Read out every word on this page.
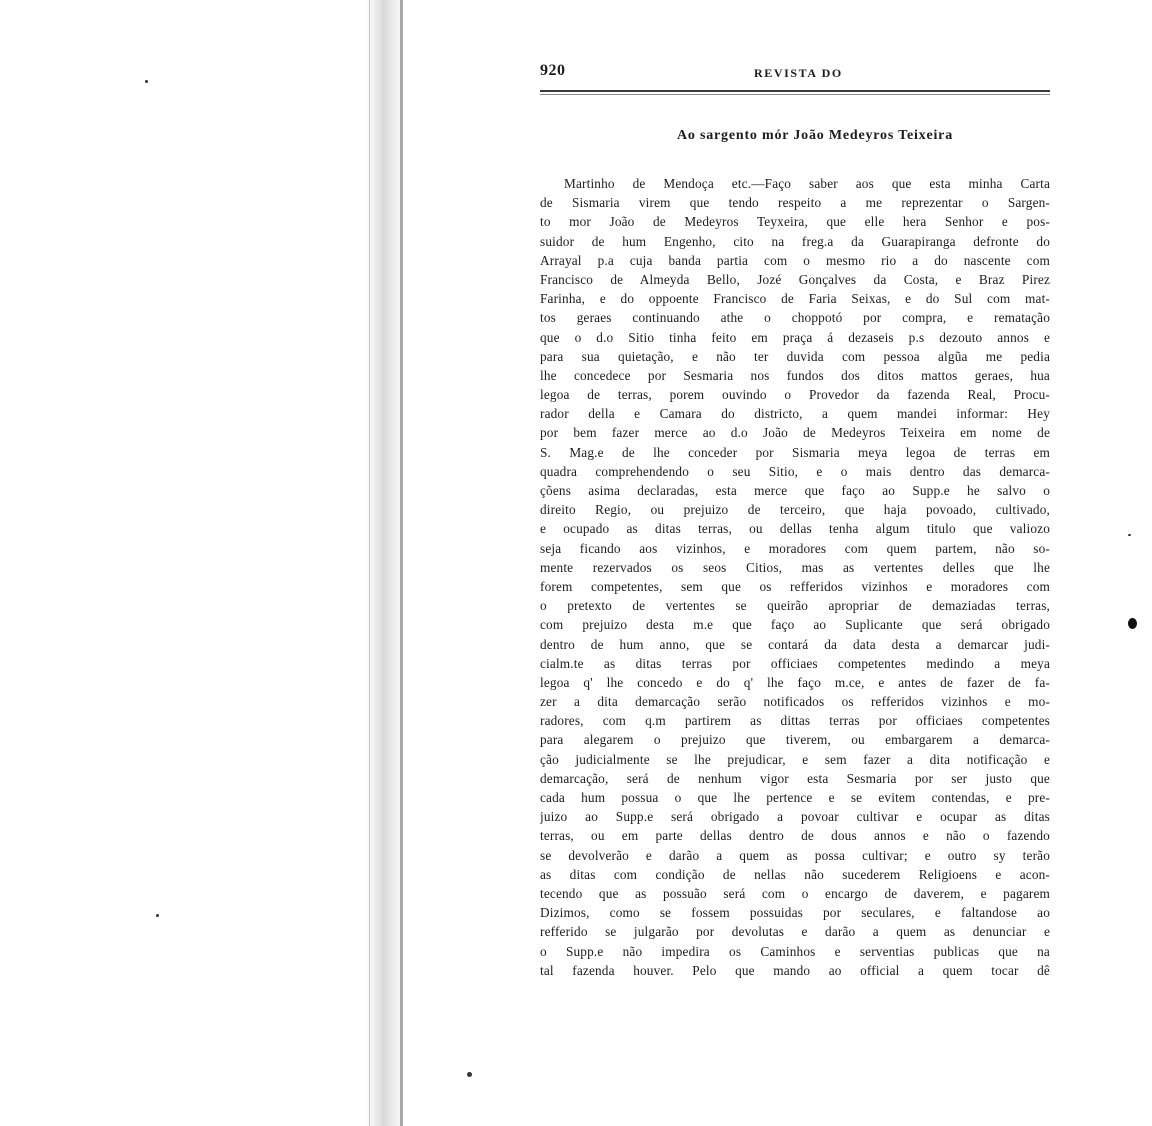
920	REVISTA DO
Ao sargento mór João Medeyros Teixeira
Martinho de Mendoça etc.—Faço saber aos que esta minha Carta
de Sismaria virem que tendo respeito a me reprezentar o Sargen-
to mor João de Medeyros Teyxeira, que elle hera Senhor e pos-
suidor de hum Engenho, cito na freg.a da Guarapiranga defronte do
Arrayal p.a cuja banda partia com o mesmo rio a do nascente com
Francisco de Almeyda Bello, Jozé Gonçalves da Costa, e Braz Pirez
Farinha, e do oppoente Francisco de Faria Seixas, e do Sul com mat-
tos geraes continuando athe o choppotó por compra, e rematação
que o d.o Sitio tinha feito em praça á dezaseis p.s dezouto annos e
para sua quietação, e não ter duvida com pessoa algũa me pedia
lhe concedece por Sesmaria nos fundos dos ditos mattos geraes, hua
legoa de terras, porem ouvindo o Provedor da fazenda Real, Procu-
rador della e Camara do districto, a quem mandei informar: Hey
por bem fazer merce ao d.o João de Medeyros Teixeira em nome de
S. Mag.e de lhe conceder por Sismaria meya legoa de terras em
quadra comprehendendo o seu Sitio, e o mais dentro das demarca-
çõens asima declaradas, esta merce que faço ao Supp.e he salvo o
direito Regio, ou prejuizo de terceiro, que haja povoado, cultivado,
e ocupado as ditas terras, ou dellas tenha algum titulo que valiozo
seja ficando aos vizinhos, e moradores com quem partem, não so-
mente rezervados os seos Citios, mas as vertentes delles que lhe
forem competentes, sem que os refferidos vizinhos e moradores com
o pretexto de vertentes se queirão apropriar de demaziadas terras,
com prejuizo desta m.e que faço ao Suplicante que será obrigado
dentro de hum anno, que se contará da data desta a demarcar judi-
cialm.te as ditas terras por officiaes competentes medindo a meya
legoa q' lhe concedo e do q' lhe faço m.ce, e antes de fazer de fa-
zer a dita demarcação serão notificados os refferidos vizinhos e mo-
radores, com q.m partirem as dittas terras por officiaes competentes
para alegarem o prejuizo que tiverem, ou embargarem a demarca-
ção judicialmente se lhe prejudicar, e sem fazer a dita notificação e
demarcação, será de nenhum vigor esta Sesmaria por ser justo que
cada hum possua o que lhe pertence e se evitem contendas, e pre-
juizo ao Supp.e será obrigado a povoar cultivar e ocupar as ditas
terras, ou em parte dellas dentro de dous annos e não o fazendo
se devolverão e darão a quem as possa cultivar; e outro sy terão
as ditas com condição de nellas não sucederem Religioens e acon-
tecendo que as possuão será com o encargo de daverem, e pagarem
Dizimos, como se fossem possuidas por seculares, e faltandose ao
refferido se julgarão por devolutas e darão a quem as denunciar e
o Supp.e não impedira os Caminhos e serventias publicas que na
tal fazenda houver. Pelo que mando ao official a quem tocar dê
